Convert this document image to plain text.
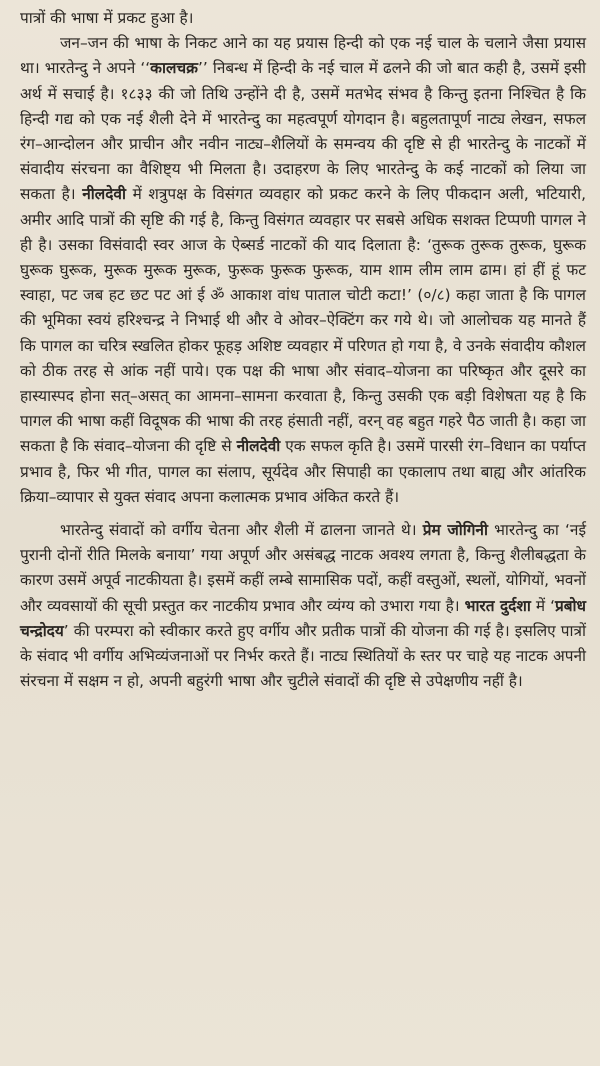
पात्रों की भाषा में प्रकट हुआ है।

जन–जन की भाषा के निकट आने का यह प्रयास हिन्दी को एक नई चाल के चलाने जैसा प्रयास था। भारतेन्दु ने अपने ‘‘कालचक्र’’ निबन्ध में हिन्दी के नई चाल में ढलने की जो बात कही है, उसमें इसी अर्थ में सचाई है। १८३३ की जो तिथि उन्होंने दी है, उसमें मतभेद संभव है किन्तु इतना निश्चित है कि हिन्दी गद्य को एक नई शैली देने में भारतेन्दु का महत्वपूर्ण योगदान है। बहुलतापूर्ण नाट्य लेखन, सफल रंग–आन्दोलन और प्राचीन और नवीन नाट्य–शैलियों के समन्वय की दृष्टि से ही भारतेन्दु के नाटकों में संवादीय संरचना का वैशिष्ट्य भी मिलता है। उदाहरण के लिए भारतेन्दु के कई नाटकों को लिया जा सकता है। नीलदेवी में शत्रुपक्ष के विसंगत व्यवहार को प्रकट करने के लिए पीकदान अली, भटियारी, अमीर आदि पात्रों की सृष्टि की गई है, किन्तु विसंगत व्यवहार पर सबसे अधिक सशक्त टिप्पणी पागल ने ही है। उसका विसंवादी स्वर आज के ऐब्सर्ड नाटकों की याद दिलाता है: ‘तुरूक तुरूक तुरूक, घुरूक घुरूक घुरूक, मुरूक मुरूक मुरूक, फुरूक फुरूक फुरूक, याम शाम लीम लाम ढाम। हां हीं हूं फट स्वाहा, पट जब हट छट पट आं ई ॐ आकाश वांध पाताल चोटी कटा!’ (०/८) कहा जाता है कि पागल की भूमिका स्वयं हरिश्चन्द्र ने निभाई थी और वे ओवर–ऐक्टिंग कर गये थे। जो आलोचक यह मानते हैं कि पागल का चरित्र स्खलित होकर फूहड़ अशिष्ट व्यवहार में परिणत हो गया है, वे उनके संवादीय कौशल को ठीक तरह से आंक नहीं पाये। एक पक्ष की भाषा और संवाद–योजना का परिष्कृत और दूसरे का हास्यास्पद होना सत्–असत् का आमना–सामना करवाता है, किन्तु उसकी एक बड़ी विशेषता यह है कि पागल की भाषा कहीं विदूषक की भाषा की तरह हंसाती नहीं, वरन् वह बहुत गहरे पैठ जाती है। कहा जा सकता है कि संवाद–योजना की दृष्टि से नीलदेवी एक सफल कृति है। उसमें पारसी रंग–विधान का पर्याप्त प्रभाव है, फिर भी गीत, पागल का संलाप, सूर्यदेव और सिपाही का एकालाप तथा बाह्य और आंतरिक क्रिया–व्यापार से युक्त संवाद अपना कलात्मक प्रभाव अंकित करते हैं।

भारतेन्दु संवादों को वर्गीय चेतना और शैली में ढालना जानते थे। प्रेम जोगिनी भारतेन्दु का ‘नई पुरानी दोनों रीति मिलके बनाया’ गया अपूर्ण और असंबद्ध नाटक अवश्य लगता है, किन्तु शैलीबद्धता के कारण उसमें अपूर्व नाटकीयता है। इसमें कहीं लम्बे सामासिक पदों, कहीं वस्तुओं, स्थलों, योगियों, भवनों और व्यवसायों की सूची प्रस्तुत कर नाटकीय प्रभाव और व्यंग्य को उभारा गया है। भारत दुर्दशा में ‘प्रबोध चन्द्रोदय’ की परम्परा को स्वीकार करते हुए वर्गीय और प्रतीक पात्रों की योजना की गई है। इसलिए पात्रों के संवाद भी वर्गीय अभिव्यंजनाओं पर निर्भर करते हैं। नाट्य स्थितियों के स्तर पर चाहे यह नाटक अपनी संरचना में सक्षम न हो, अपनी बहुरंगी भाषा और चुटीले संवादों की दृष्टि से उपेक्षणीय नहीं है।
